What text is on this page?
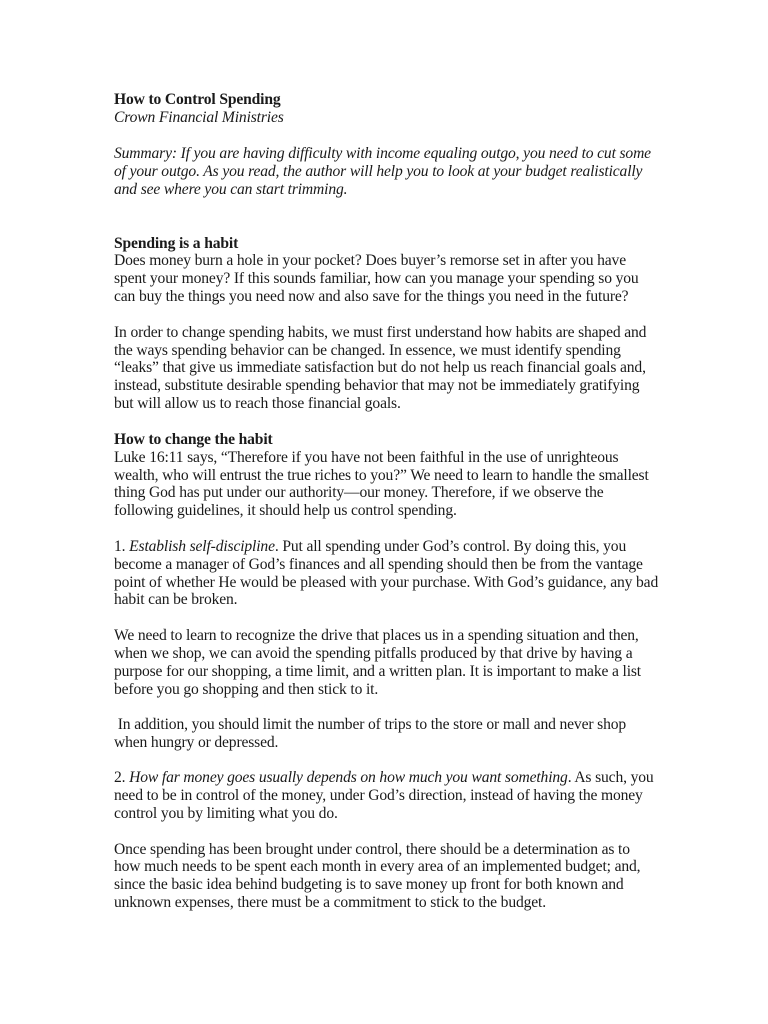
How to Control Spending

Crown Financial Ministries

Summary: If you are having difficulty with income equaling outgo, you need to cut some of your outgo. As you read, the author will help you to look at your budget realistically and see where you can start trimming.

Spending is a habit

Does money burn a hole in your pocket? Does buyer’s remorse set in after you have spent your money? If this sounds familiar, how can you manage your spending so you can buy the things you need now and also save for the things you need in the future?

In order to change spending habits, we must first understand how habits are shaped and the ways spending behavior can be changed. In essence, we must identify spending “leaks” that give us immediate satisfaction but do not help us reach financial goals and, instead, substitute desirable spending behavior that may not be immediately gratifying but will allow us to reach those financial goals.

How to change the habit

Luke 16:11 says, “Therefore if you have not been faithful in the use of unrighteous wealth, who will entrust the true riches to you?” We need to learn to handle the smallest thing God has put under our authority—our money. Therefore, if we observe the following guidelines, it should help us control spending.

1. Establish self-discipline. Put all spending under God’s control. By doing this, you become a manager of God’s finances and all spending should then be from the vantage point of whether He would be pleased with your purchase. With God’s guidance, any bad habit can be broken.

We need to learn to recognize the drive that places us in a spending situation and then, when we shop, we can avoid the spending pitfalls produced by that drive by having a purpose for our shopping, a time limit, and a written plan. It is important to make a list before you go shopping and then stick to it.

In addition, you should limit the number of trips to the store or mall and never shop when hungry or depressed.

2. How far money goes usually depends on how much you want something. As such, you need to be in control of the money, under God’s direction, instead of having the money control you by limiting what you do.

Once spending has been brought under control, there should be a determination as to how much needs to be spent each month in every area of an implemented budget; and, since the basic idea behind budgeting is to save money up front for both known and unknown expenses, there must be a commitment to stick to the budget.
